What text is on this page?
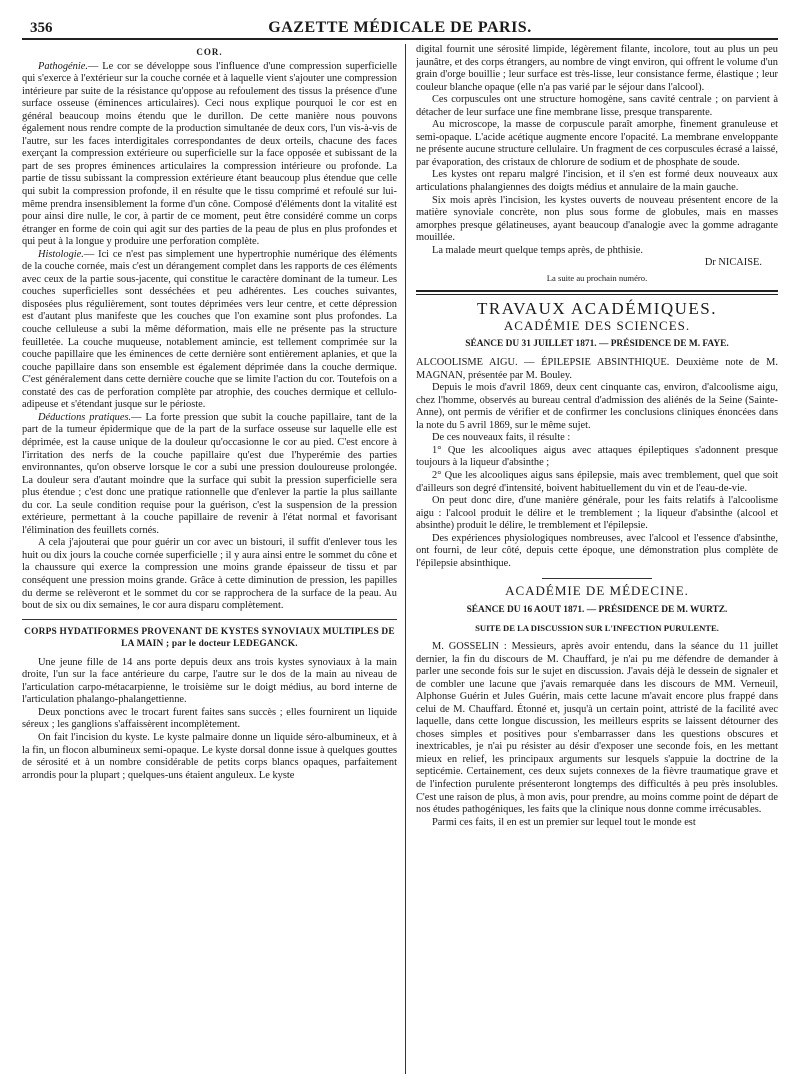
356	GAZETTE MÉDICALE DE PARIS.
COR.

Pathogénie.— Le cor se développe sous l'influence d'une compression superficielle qui s'exerce à l'extérieur sur la couche cornée et à laquelle vient s'ajouter une compression intérieure par suite de la résistance qu'oppose au refoulement des tissus la présence d'une surface osseuse (éminences articulaires). Ceci nous explique pourquoi le cor est en général beaucoup moins étendu que le durillon. De cette manière nous pouvons également nous rendre compte de la production simultanée de deux cors, l'un vis-à-vis de l'autre, sur les faces interdigitales correspondantes de deux orteils, chacune des faces exerçant la compression extérieure ou superficielle sur la face opposée et subissant de la part de ses propres éminences articulaires la compression intérieure ou profonde. La partie de tissu subissant la compression extérieure étant beaucoup plus étendue que celle qui subit la compression profonde, il en résulte que le tissu comprimé et refoulé sur lui-même prendra insensiblement la forme d'un cône. Composé d'éléments dont la vitalité est pour ainsi dire nulle, le cor, à partir de ce moment, peut être considéré comme un corps étranger en forme de coin qui agit sur des parties de la peau de plus en plus profondes et qui peut à la longue y produire une perforation complète.

Histologie.— Ici ce n'est pas simplement une hypertrophie numérique des éléments de la couche cornée, mais c'est un dérangement complet dans les rapports de ces éléments avec ceux de la partie sous-jacente, qui constitue le caractère dominant de la tumeur. Les couches superficielles sont desséchées et peu adhérentes. Les couches suivantes, disposées plus régulièrement, sont toutes déprimées vers leur centre, et cette dépression est d'autant plus manifeste que les couches que l'on examine sont plus profondes. La couche celluleuse a subi la même déformation, mais elle ne présente pas la structure feuilletée. La couche muqueuse, notablement amincie, est tellement comprimée sur la couche papillaire que les éminences de cette dernière sont entièrement aplanies, et que la couche papillaire dans son ensemble est également déprimée dans la couche dermique. C'est généralement dans cette dernière couche que se limite l'action du cor. Toutefois on a constaté des cas de perforation complète par atrophie, des couches dermique et cellulo-adipeuse et s'étendant jusque sur le périoste.

Déductions pratiques.— La forte pression que subit la couche papillaire, tant de la part de la tumeur épidermique que de la part de la surface osseuse sur laquelle elle est déprimée, est la cause unique de la douleur qu'occasionne le cor au pied. C'est encore à l'irritation des nerfs de la couche papillaire qu'est due l'hyperémie des parties environnantes, qu'on observe lorsque le cor a subi une pression douloureuse prolongée. La douleur sera d'autant moindre que la surface qui subit la pression superficielle sera plus étendue ; c'est donc une pratique rationnelle que d'enlever la partie la plus saillante du cor. La seule condition requise pour la guérison, c'est la suspension de la pression extérieure, permettant à la couche papillaire de revenir à l'état normal et favorisant l'élimination des feuillets cornés.

A cela j'ajouterai que pour guérir un cor avec un bistouri, il suffit d'enlever tous les huit ou dix jours la couche cornée superficielle ; il y aura ainsi entre le sommet du cône et la chaussure qui exerce la compression une moins grande épaisseur de tissu et par conséquent une pression moins grande. Grâce à cette diminution de pression, les papilles du derme se relèveront et le sommet du cor se rapprochera de la surface de la peau. Au bout de six ou dix semaines, le cor aura disparu complètement.

CORPS HYDATIFORMES PROVENANT DE KYSTES SYNOVIAUX MULTIPLES DE LA MAIN ; par le docteur LEDEGANCK.

Une jeune fille de 14 ans porte depuis deux ans trois kystes synoviaux à la main droite, l'un sur la face antérieure du carpe, l'autre sur le dos de la main au niveau de l'articulation carpo-métacarpienne, le troisième sur le doigt médius, au bord interne de l'articulation phalango-phalangettienne.

Deux ponctions avec le trocart furent faites sans succès ; elles fournirent un liquide séreux ; les ganglions s'affaissèrent incomplètement.

On fait l'incision du kyste. Le kyste palmaire donne un liquide séro-albumineux, et à la fin, un flocon albumineux semi-opaque. Le kyste dorsal donne issue à quelques gouttes de sérosité et à un nombre considérable de petits corps blancs opaques, parfaitement arrondis pour la plupart ; quelques-uns étaient anguleux. Le kyste

digital fournit une sérosité limpide, légèrement filante, incolore, tout au plus un peu jaunâtre, et des corps étrangers, au nombre de vingt environ, qui offrent le volume d'un grain d'orge bouillie ; leur surface est très-lisse, leur consistance ferme, élastique ; leur couleur blanche opaque (elle n'a pas varié par le séjour dans l'alcool).

Ces corpuscules ont une structure homogène, sans cavité centrale ; on parvient à détacher de leur surface une fine membrane lisse, presque transparente.

Au microscope, la masse de corpuscule paraît amorphe, finement granuleuse et semi-opaque. L'acide acétique augmente encore l'opacité. La membrane enveloppante ne présente aucune structure cellulaire. Un fragment de ces corpuscules écrasé a laissé, par évaporation, des cristaux de chlorure de sodium et de phosphate de soude.

Les kystes ont reparu malgré l'incision, et il s'en est formé deux nouveaux aux articulations phalangiennes des doigts médius et annulaire de la main gauche.

Six mois après l'incision, les kystes ouverts de nouveau présentent encore de la matière synoviale concrète, non plus sous forme de globules, mais en masses amorphes presque gélatineuses, ayant beaucoup d'analogie avec la gomme adragante mouillée.

La malade meurt quelque temps après, de phthisie.

Dr NICAISE.

La suite au prochain numéro.

TRAVAUX ACADÉMIQUES.
ACADÉMIE DES SCIENCES.
SÉANCE DU 31 JUILLET 1871. — PRÉSIDENCE DE M. FAYE.

ALCOOLISME AIGU. — ÉPILEPSIE ABSINTHIQUE. Deuxième note de M. MAGNAN, présentée par M. Bouley.

Depuis le mois d'avril 1869, deux cent cinquante cas, environ, d'alcoolisme aigu, chez l'homme, observés au bureau central d'admission des aliénés de la Seine (Sainte-Anne), ont permis de vérifier et de confirmer les conclusions cliniques énoncées dans la note du 5 avril 1869, sur le même sujet.

De ces nouveaux faits, il résulte :

1° Que les alcooliques aigus avec attaques épileptiques s'adonnent presque toujours à la liqueur d'absinthe ;

2° Que les alcooliques aigus sans épilepsie, mais avec tremblement, quel que soit d'ailleurs son degré d'intensité, boivent habituellement du vin et de l'eau-de-vie.

On peut donc dire, d'une manière générale, pour les faits relatifs à l'alcoolisme aigu : l'alcool produit le délire et le tremblement ; la liqueur d'absinthe (alcool et absinthe) produit le délire, le tremblement et l'épilepsie.

Des expériences physiologiques nombreuses, avec l'alcool et l'essence d'absinthe, ont fourni, de leur côté, depuis cette époque, une démonstration plus complète de l'épilepsie absinthique.

ACADÉMIE DE MÉDECINE.
SÉANCE DU 16 AOUT 1871. — PRÉSIDENCE DE M. WURTZ.
SUITE DE LA DISCUSSION SUR L'INFECTION PURULENTE.

M. GOSSELIN : Messieurs, après avoir entendu, dans la séance du 11 juillet dernier, la fin du discours de M. Chauffard, je n'ai pu me défendre de demander à parler une seconde fois sur le sujet en discussion. J'avais déjà le dessein de signaler et de combler une lacune que j'avais remarquée dans les discours de MM. Verneuil, Alphonse Guérin et Jules Guérin, mais cette lacune m'avait encore plus frappé dans celui de M. Chauffard. Étonné et, jusqu'à un certain point, attristé de la facilité avec laquelle, dans cette longue discussion, les meilleurs esprits se laissent détourner des choses simples et positives pour s'embarrasser dans les questions obscures et inextricables, je n'ai pu résister au désir d'exposer une seconde fois, en les mettant mieux en relief, les principaux arguments sur lesquels s'appuie la doctrine de la septicémie. Certainement, ces deux sujets connexes de la fièvre traumatique grave et de l'infection purulente présenteront longtemps des difficultés à peu près insolubles. C'est une raison de plus, à mon avis, pour prendre, au moins comme point de départ de nos études pathogéniques, les faits que la clinique nous donne comme irrécusables.

Parmi ces faits, il en est un premier sur lequel tout le monde est
